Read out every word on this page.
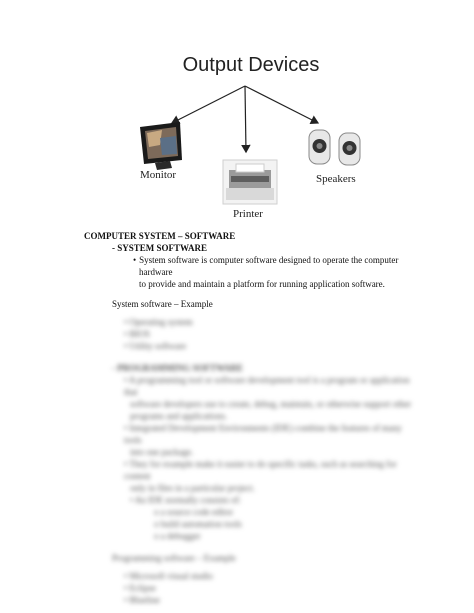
Output Devices
Monitor
Printer
Speakers

COMPUTER SYSTEM – SOFTWARE

- SYSTEM SOFTWARE

• System software is computer software designed to operate the computer hardware
to provide and maintain a platform for running application software.

System software – Example

• Operating system

• BIOS

• Utility software

- PROGRAMMING SOFTWARE

• A programming tool or software development tool is a program or application that

software developers use to create, debug, maintain, or otherwise support other

programs and applications.

• Integrated Development Environments (IDE) combine the features of many tools

into one package.

• They for example make it easier to do specific tasks, such as searching for content

only in files in a particular project.

• An IDE normally consists of:

o a source code editor

o build automation tools

o a debugger

Programming software – Example

• Microsoft visual studio

• Eclipse

• Blueline
